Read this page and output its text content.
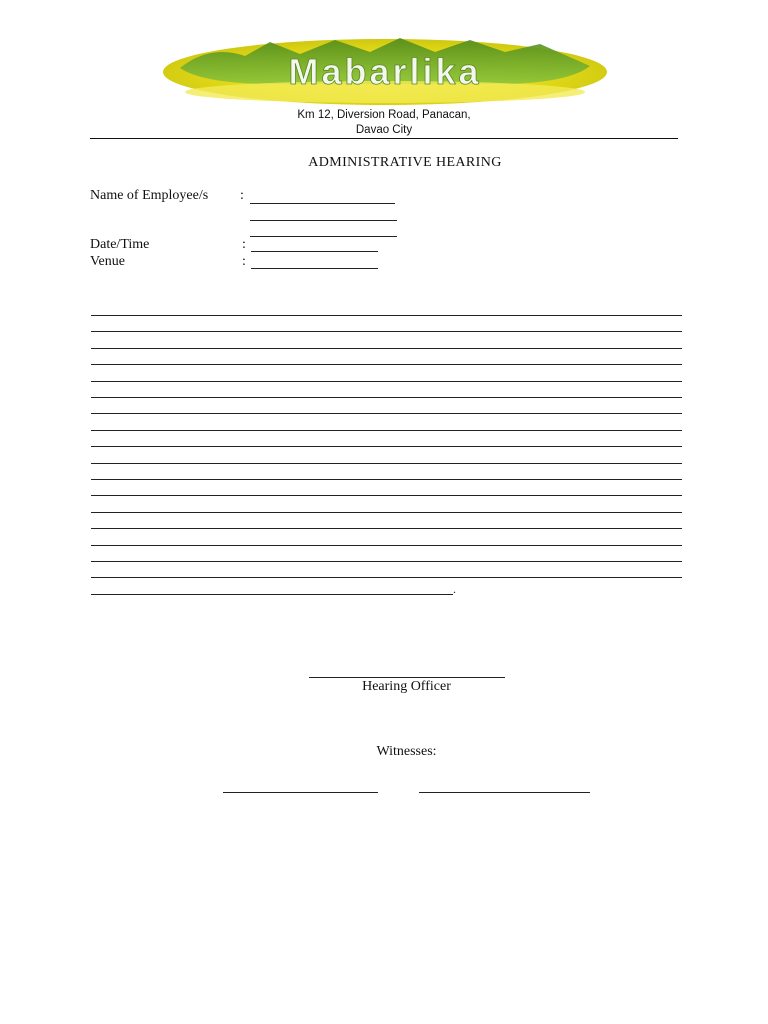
Mabarlika
Km 12, Diversion Road, Panacan,
Davao City
ADMINISTRATIVE HEARING
Name of Employee/s :
Date/Time	:
Venue	:
.
Hearing Officer
Witnesses:
